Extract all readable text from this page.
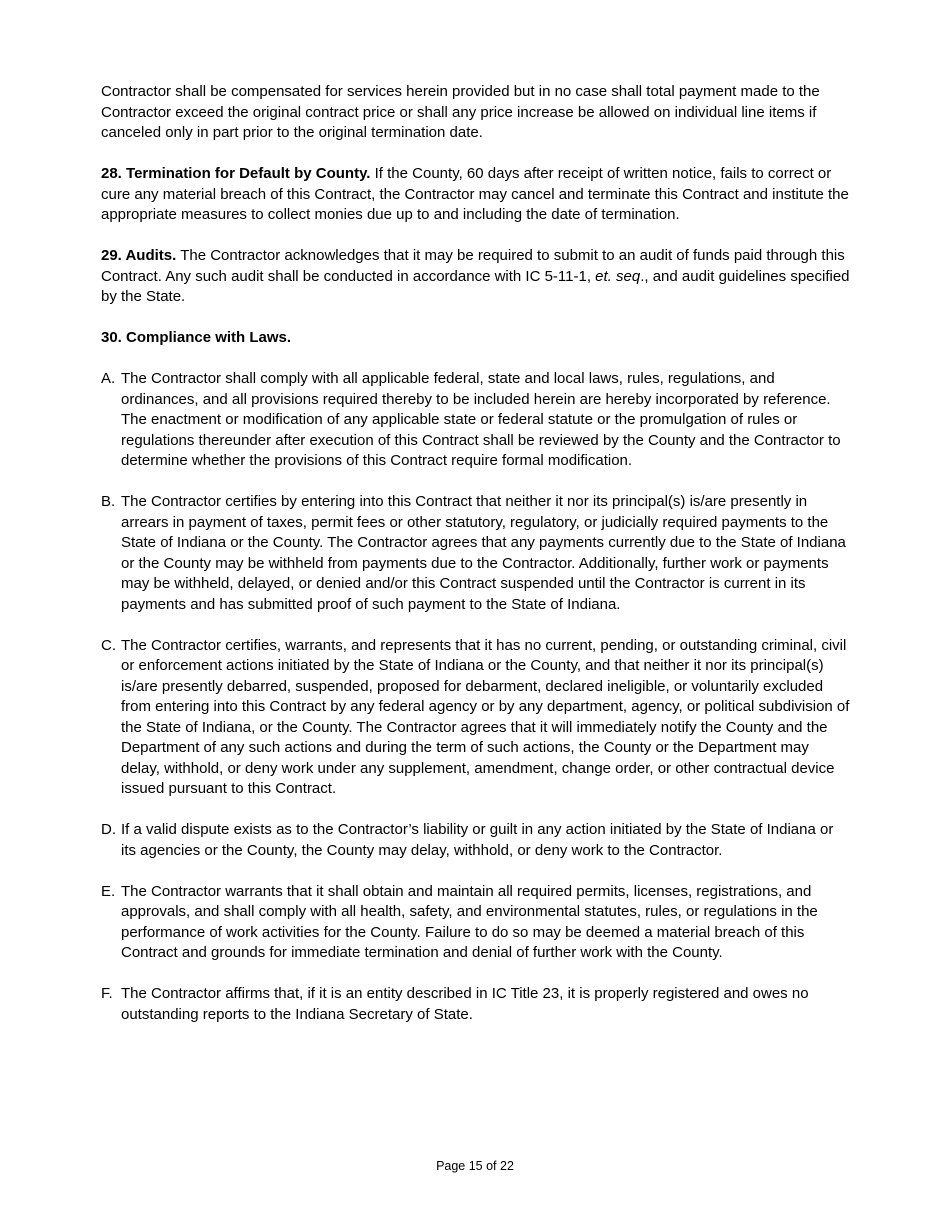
Contractor shall be compensated for services herein provided but in no case shall total payment made to the Contractor exceed the original contract price or shall any price increase be allowed on individual line items if canceled only in part prior to the original termination date.

28. Termination for Default by County. If the County, 60 days after receipt of written notice, fails to correct or cure any material breach of this Contract, the Contractor may cancel and terminate this Contract and institute the appropriate measures to collect monies due up to and including the date of termination.

29. Audits. The Contractor acknowledges that it may be required to submit to an audit of funds paid through this Contract. Any such audit shall be conducted in accordance with IC 5-11-1, et. seq., and audit guidelines specified by the State.

30. Compliance with Laws.

A. The Contractor shall comply with all applicable federal, state and local laws, rules, regulations, and ordinances, and all provisions required thereby to be included herein are hereby incorporated by reference. The enactment or modification of any applicable state or federal statute or the promulgation of rules or regulations thereunder after execution of this Contract shall be reviewed by the County and the Contractor to determine whether the provisions of this Contract require formal modification.
B. The Contractor certifies by entering into this Contract that neither it nor its principal(s) is/are presently in arrears in payment of taxes, permit fees or other statutory, regulatory, or judicially required payments to the State of Indiana or the County. The Contractor agrees that any payments currently due to the State of Indiana or the County may be withheld from payments due to the Contractor. Additionally, further work or payments may be withheld, delayed, or denied and/or this Contract suspended until the Contractor is current in its payments and has submitted proof of such payment to the State of Indiana.
C. The Contractor certifies, warrants, and represents that it has no current, pending, or outstanding criminal, civil or enforcement actions initiated by the State of Indiana or the County, and that neither it nor its principal(s) is/are presently debarred, suspended, proposed for debarment, declared ineligible, or voluntarily excluded from entering into this Contract by any federal agency or by any department, agency, or political subdivision of the State of Indiana, or the County. The Contractor agrees that it will immediately notify the County and the Department of any such actions and during the term of such actions, the County or the Department may delay, withhold, or deny work under any supplement, amendment, change order, or other contractual device issued pursuant to this Contract.
D. If a valid dispute exists as to the Contractor’s liability or guilt in any action initiated by the State of Indiana or its agencies or the County, the County may delay, withhold, or deny work to the Contractor.
E. The Contractor warrants that it shall obtain and maintain all required permits, licenses, registrations, and approvals, and shall comply with all health, safety, and environmental statutes, rules, or regulations in the performance of work activities for the County. Failure to do so may be deemed a material breach of this Contract and grounds for immediate termination and denial of further work with the County.
F. The Contractor affirms that, if it is an entity described in IC Title 23, it is properly registered and owes no outstanding reports to the Indiana Secretary of State.
Page 15 of 22
